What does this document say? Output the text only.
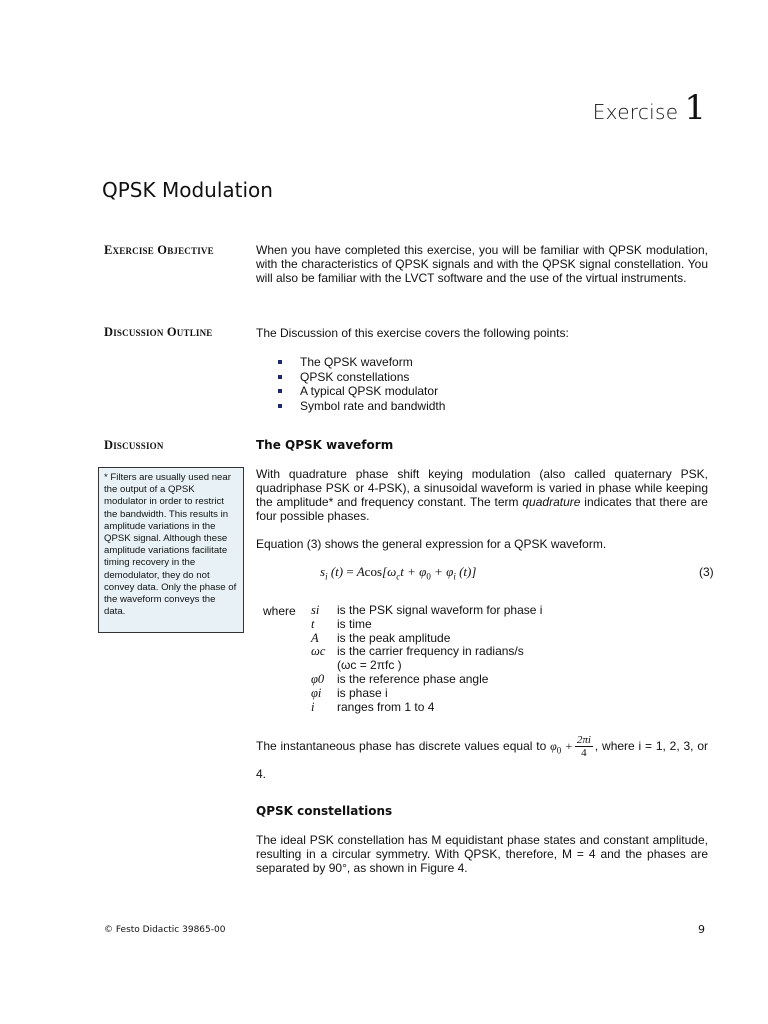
Exercise 1
QPSK Modulation
Exercise Objective	When you have completed this exercise, you will be familiar with QPSK modulation, with the characteristics of QPSK signals and with the QPSK signal constellation. You will also be familiar with the LVCT software and the use of the virtual instruments.

Discussion Outline	The Discussion of this exercise covers the following points:

The QPSK waveform
QPSK constellations
A typical QPSK modulator
Symbol rate and bandwidth
Discussion	The QPSK waveform
* Filters are usually used near the output of a QPSK modulator in order to restrict the bandwidth. This results in amplitude variations in the QPSK signal. Although these amplitude variations facilitate timing recovery in the demodulator, they do not convey data. Only the phase of the waveform conveys the data.

With quadrature phase shift keying modulation (also called quaternary PSK, quadriphase PSK or 4-PSK), a sinusoidal waveform is varied in phase while keeping the amplitude* and frequency constant. The term quadrature indicates that there are four possible phases.

Equation (3) shows the general expression for a QPSK waveform.

$s_i$ $(t) = Acos[\omega_ct + \varphi_0 + \varphi_i$ (t)]	(3)
where si	is the PSK signal waveform for phase i
t	is time
A	is the peak amplitude
ωc is the carrier frequency in radians/s
(ωc = 2πfc )
φ0	is the reference phase angle
φi	is phase i
i	ranges from 1 to 4

The instantaneous phase has discrete values equal to $\varphi_0 + \frac{2\pi i}{4}$ , where i = 1, 2, 3, or 4.

QPSK constellations

The ideal PSK constellation has M equidistant phase states and constant amplitude, resulting in a circular symmetry. With QPSK, therefore, M = 4 and the phases are separated by 90°, as shown in Figure 4.

© Festo Didactic 39865-00	9
